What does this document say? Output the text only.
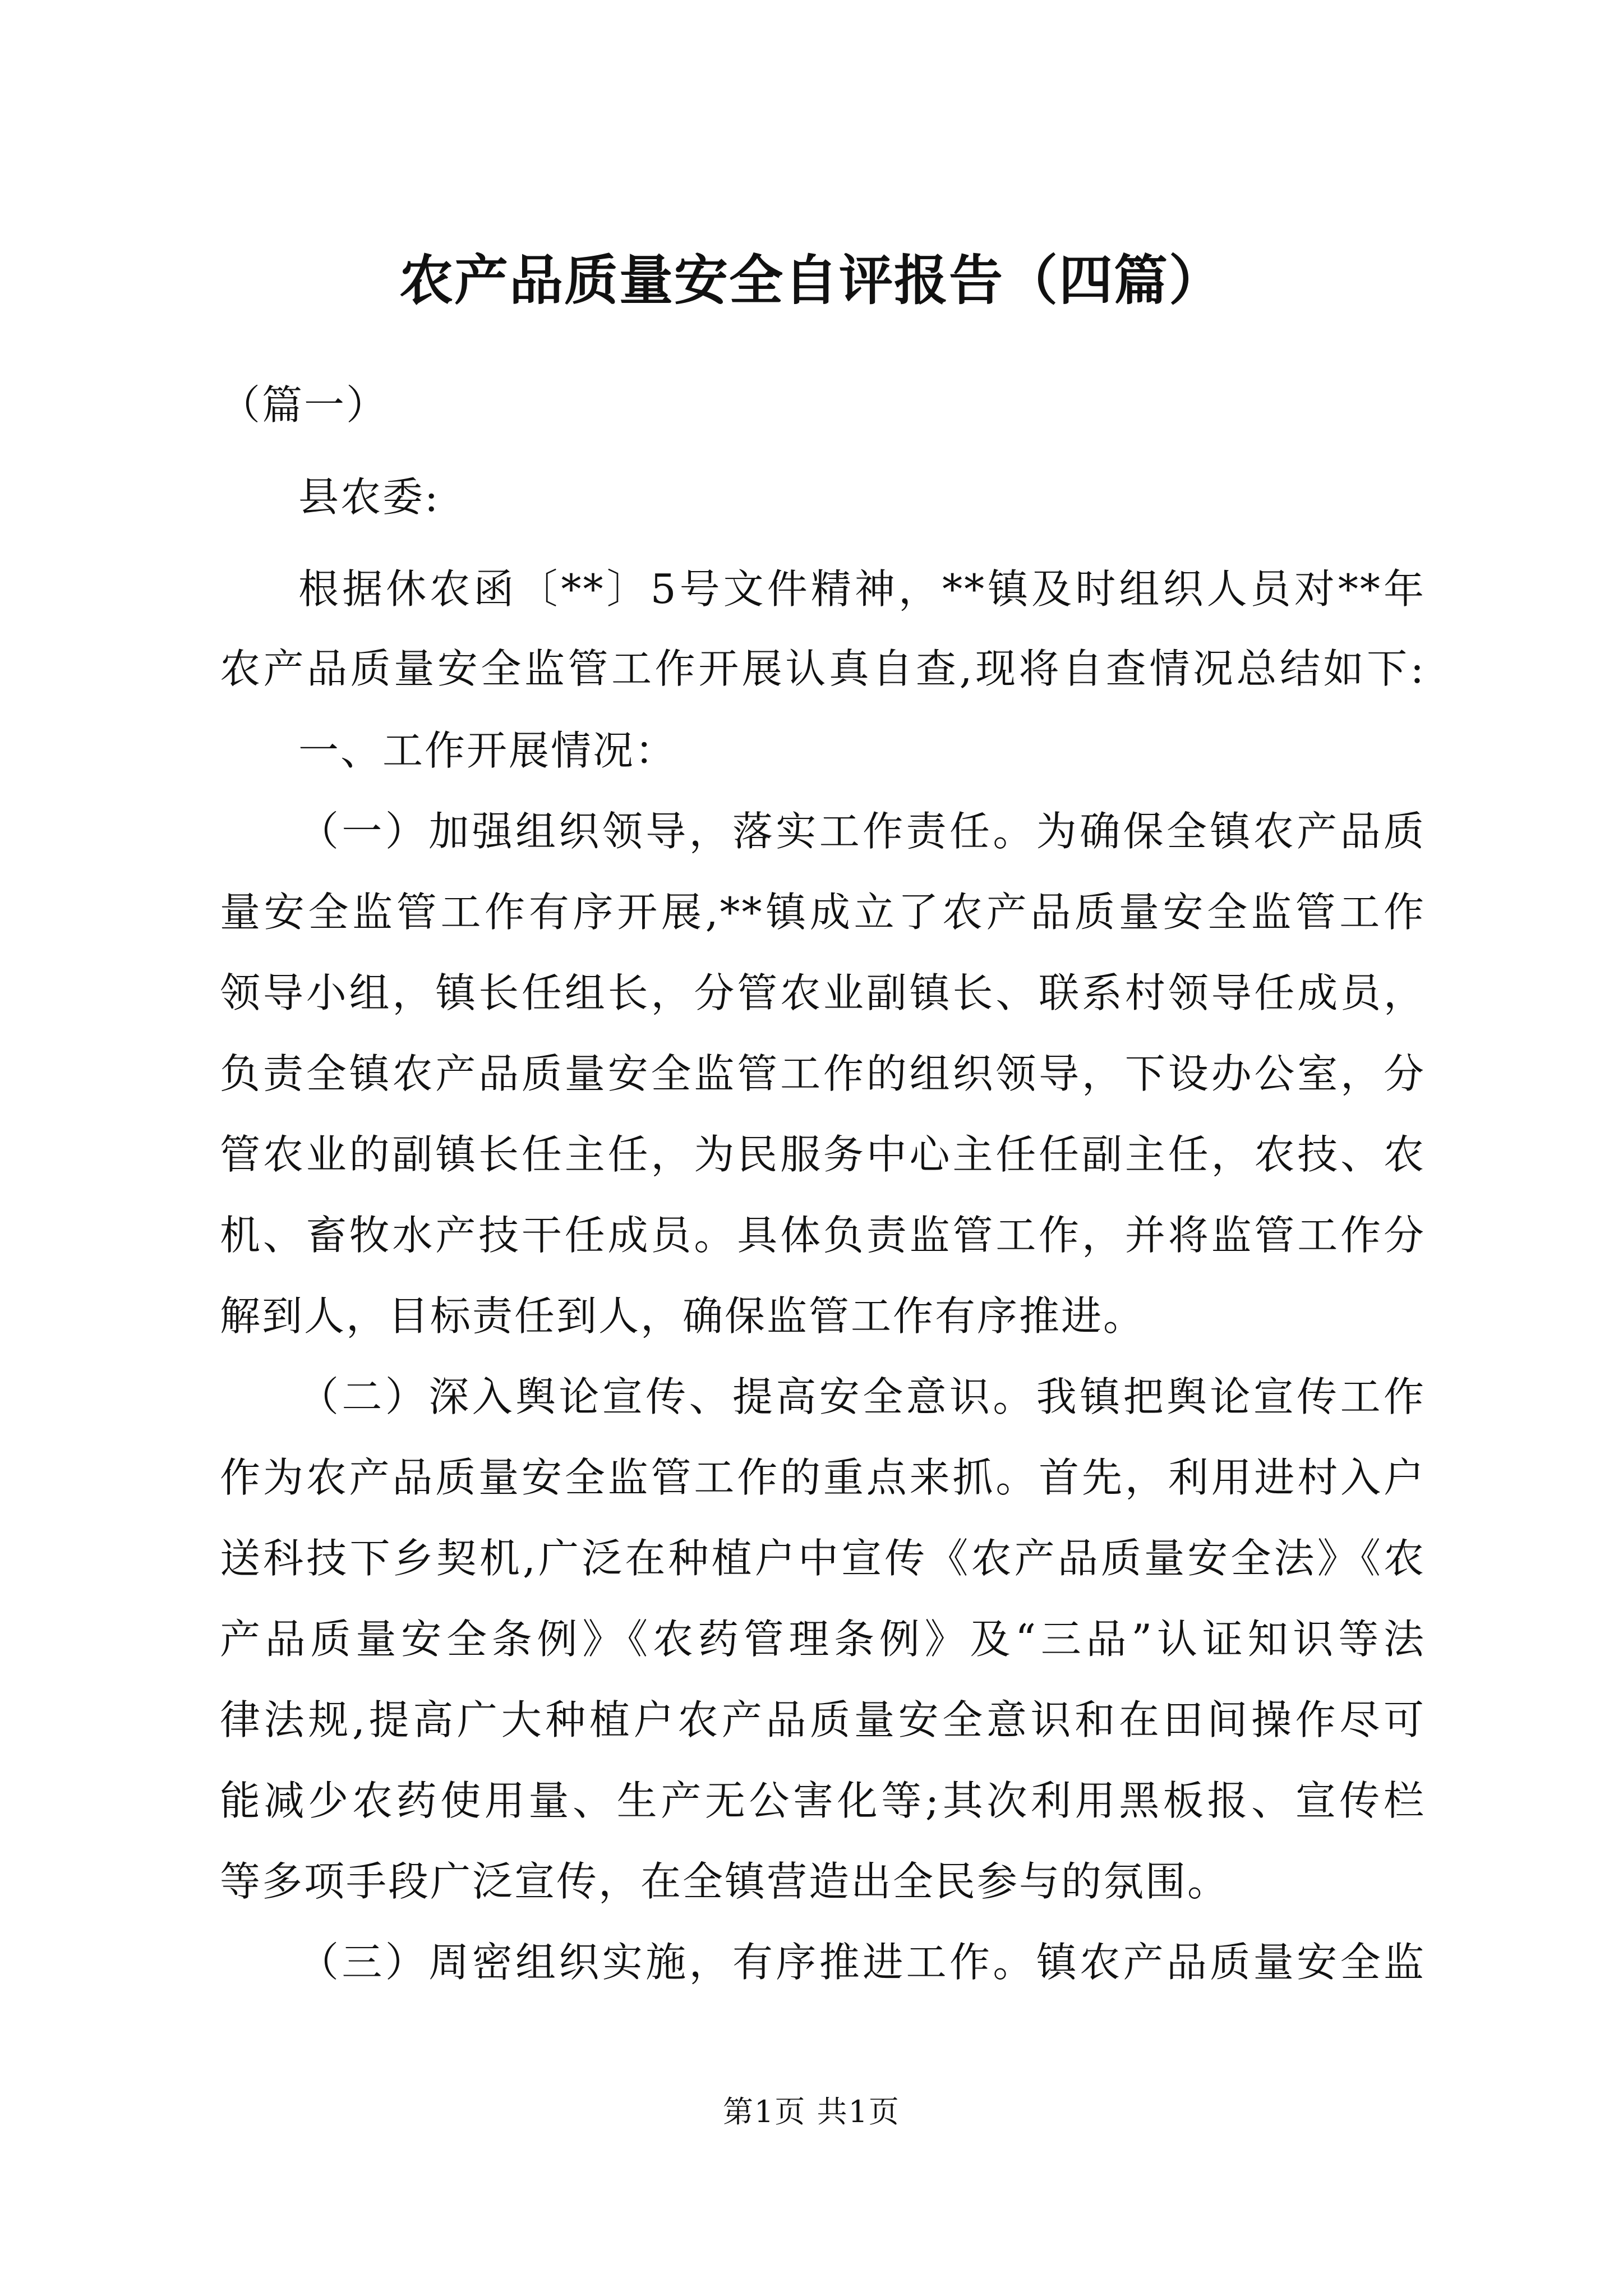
农产品质量安全自评报告（四篇）
（篇一）
县农委:
根据休农函〔**〕5号文件精神，**镇及时组织人员对**年
农产品质量安全监管工作开展认真自查,现将自查情况总结如下:
一、工作开展情况：
（一）加强组织领导，落实工作责任。为确保全镇农产品质
量安全监管工作有序开展,**镇成立了农产品质量安全监管工作
领导小组，镇长任组长，分管农业副镇长、联系村领导任成员，
负责全镇农产品质量安全监管工作的组织领导，下设办公室，分
管农业的副镇长任主任，为民服务中心主任任副主任，农技、农
机、畜牧水产技干任成员。具体负责监管工作，并将监管工作分
解到人，目标责任到人，确保监管工作有序推进。
（二）深入舆论宣传、提高安全意识。我镇把舆论宣传工作
作为农产品质量安全监管工作的重点来抓。首先，利用进村入户
送科技下乡契机,广泛在种植户中宣传《农产品质量安全法》《农
产品质量安全条例》《农药管理条例》及“三品”认证知识等法
律法规,提高广大种植户农产品质量安全意识和在田间操作尽可
能减少农药使用量、生产无公害化等;其次利用黑板报、宣传栏
等多项手段广泛宣传，在全镇营造出全民参与的氛围。
（三）周密组织实施，有序推进工作。镇农产品质量安全监
第1页 共1页
